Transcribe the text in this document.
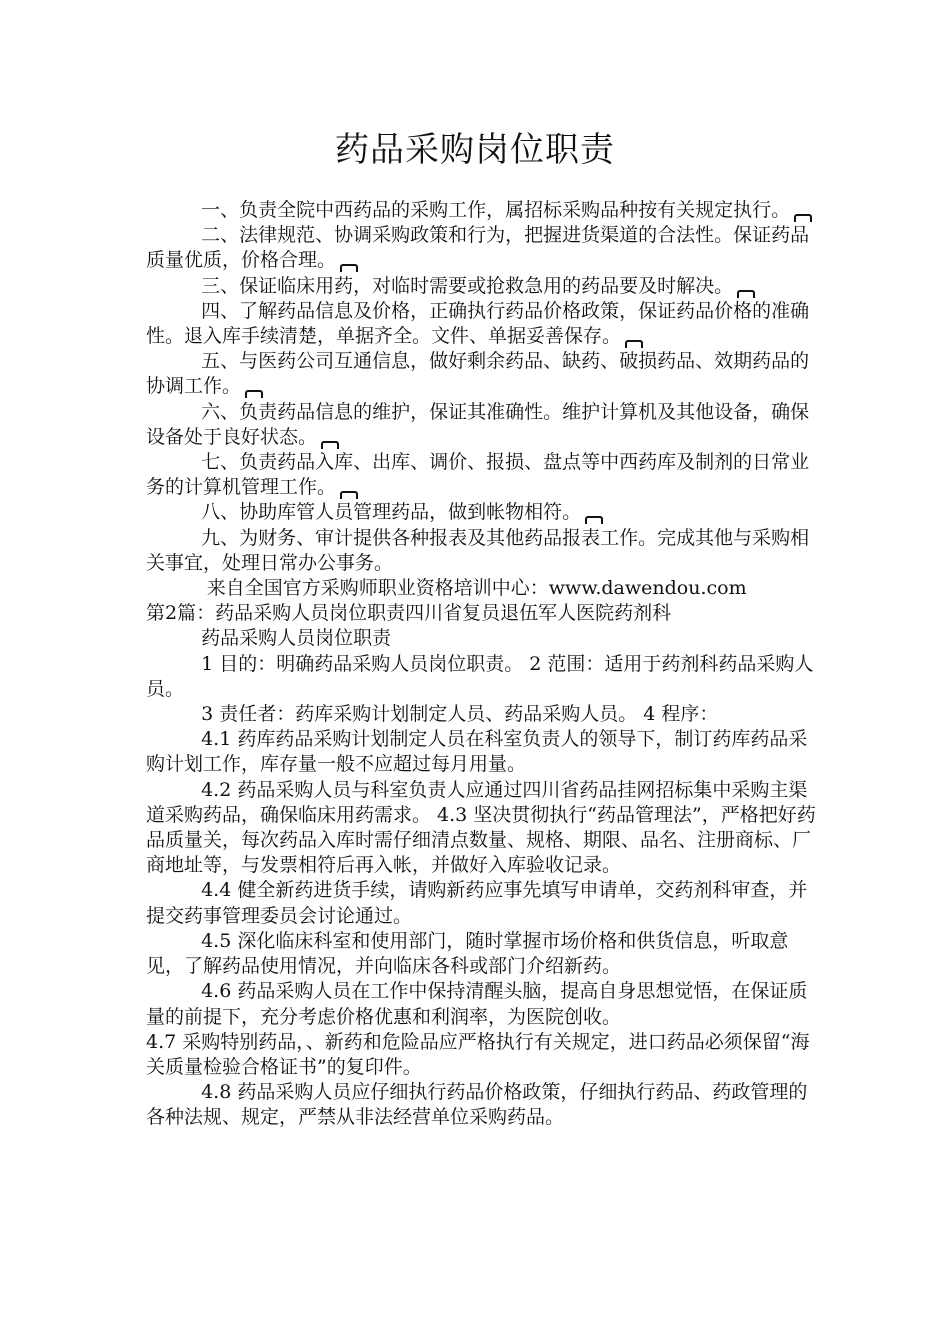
药品采购岗位职责

一、负责全院中西药品的采购工作，属招标采购品种按有关规定执行。

二、法律规范、协调采购政策和行为，把握进货渠道的合法性。保证药品质量优质，价格合理。

三、保证临床用药，对临时需要或抢救急用的药品要及时解决。

四、了解药品信息及价格，正确执行药品价格政策，保证药品价格的准确性。退入库手续清楚，单据齐全。文件、单据妥善保存。

五、与医药公司互通信息，做好剩余药品、缺药、破损药品、效期药品的协调工作。

六、负责药品信息的维护，保证其准确性。维护计算机及其他设备，确保设备处于良好状态。

七、负责药品入库、出库、调价、报损、盘点等中西药库及制剂的日常业务的计算机管理工作。

八、协助库管人员管理药品，做到帐物相符。

九、为财务、审计提供各种报表及其他药品报表工作。完成其他与采购相关事宜，处理日常办公事务。

来自全国官方采购师职业资格培训中心：www.dawendou.com

第2篇：药品采购人员岗位职责四川省复员退伍军人医院药剂科

药品采购人员岗位职责

1 目的：明确药品采购人员岗位职责。 2 范围：适用于药剂科药品采购人员。

3 责任者：药库采购计划制定人员、药品采购人员。 4 程序：

4.1 药库药品采购计划制定人员在科室负责人的领导下，制订药库药品采购计划工作，库存量一般不应超过每月用量。

4.2 药品采购人员与科室负责人应通过四川省药品挂网招标集中采购主渠道采购药品，确保临床用药需求。 4.3 坚决贯彻执行“药品管理法”，严格把好药品质量关，每次药品入库时需仔细清点数量、规格、期限、品名、注册商标、厂商地址等，与发票相符后再入帐，并做好入库验收记录。

4.4 健全新药进货手续，请购新药应事先填写申请单，交药剂科审查，并提交药事管理委员会讨论通过。

4.5 深化临床科室和使用部门，随时掌握市场价格和供货信息，听取意见，了解药品使用情况，并向临床各科或部门介绍新药。

4.6 药品采购人员在工作中保持清醒头脑，提高自身思想觉悟，在保证质量的前提下，充分考虑价格优惠和利润率，为医院创收。

4.7 采购特别药品，、新药和危险品应严格执行有关规定，进口药品必须保留“海关质量检验合格证书”的复印件。

4.8 药品采购人员应仔细执行药品价格政策，仔细执行药品、药政管理的各种法规、规定，严禁从非法经营单位采购药品。
